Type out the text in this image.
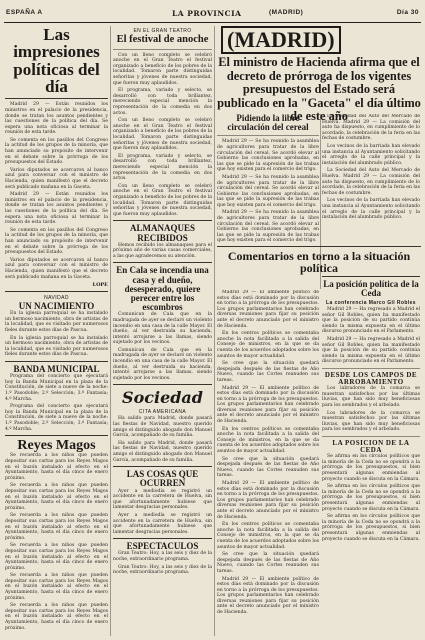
ESPAÑA A	LA PROVINCIA	(MADRID)	Día 30
Las impresiones políticas del día

Madrid 29 — Están reunidos los ministros en el palacio de la presidencia, donde se tratan los asuntos pendientes y las cuestiones de la política del día. Se espera una nota oficiosa al terminar la reunión de esta tarde.

Se comenta en los pasillos del Congreso la actitud de los grupos de la minoría, que han anunciado su propósito de intervenir en el debate sobre la prórroga de los presupuestos del Estado.

Varios diputados se acercaron al banco azul para conversar con el ministro de Hacienda, quien manifestó que el decreto será publicado mañana en la Gaceta.

Madrid 29 — Están reunidos los ministros en el palacio de la presidencia, donde se tratan los asuntos pendientes y las cuestiones de la política del día. Se espera una nota oficiosa al terminar la reunión de esta tarde.

Se comenta en los pasillos del Congreso la actitud de los grupos de la minoría, que han anunciado su propósito de intervenir en el debate sobre la prórroga de los presupuestos del Estado.

Varios diputados se acercaron al banco azul para conversar con el ministro de Hacienda, quien manifestó que el decreto será publicado mañana en la Gaceta.

LOPE
NAVIDAD
UN NACIMIENTO

En la iglesia parroquial se ha instalado un hermoso nacimiento, obra de artistas de la localidad, que es visitado por numerosos fieles durante estos días de Pascua.

En la iglesia parroquial se ha instalado un hermoso nacimiento, obra de artistas de la localidad, que es visitado por numerosos fieles durante estos días de Pascua.

BANDA MUNICIPAL

Programa del concierto que ejecutará hoy la Banda Municipal en la plaza de la Constitución, de siete a nueve de la noche: 1.º Pasodoble; 2.º Selección; 3.º Fantasía; 4.º Marcha.

Programa del concierto que ejecutará hoy la Banda Municipal en la plaza de la Constitución, de siete a nueve de la noche: 1.º Pasodoble; 2.º Selección; 3.º Fantasía; 4.º Marcha.

Reyes Magos

Se recuerda a los niños que pueden depositar sus cartas para los Reyes Magos en el buzón instalado al efecto en el Ayuntamiento, hasta el día cinco de enero próximo.

Se recuerda a los niños que pueden depositar sus cartas para los Reyes Magos en el buzón instalado al efecto en el Ayuntamiento, hasta el día cinco de enero próximo.

Se recuerda a los niños que pueden depositar sus cartas para los Reyes Magos en el buzón instalado al efecto en el Ayuntamiento, hasta el día cinco de enero próximo.

Se recuerda a los niños que pueden depositar sus cartas para los Reyes Magos en el buzón instalado al efecto en el Ayuntamiento, hasta el día cinco de enero próximo.

Se recuerda a los niños que pueden depositar sus cartas para los Reyes Magos en el buzón instalado al efecto en el Ayuntamiento, hasta el día cinco de enero próximo.

Se recuerda a los niños que pueden depositar sus cartas para los Reyes Magos en el buzón instalado al efecto en el Ayuntamiento, hasta el día cinco de enero próximo.

EN EL GRAN TEATRO
El festival de anoche

Con un lleno completo se celebró anoche en el Gran Teatro el festival organizado a beneficio de los pobres de la localidad. Tomaron parte distinguidas señoritas y jóvenes de nuestra sociedad, que fueron muy aplaudidos.

El programa, variado y selecto, se desarrolló con toda brillantez, mereciendo especial mención la representación de la comedia en dos actos.

Con un lleno completo se celebró anoche en el Gran Teatro el festival organizado a beneficio de los pobres de la localidad. Tomaron parte distinguidas señoritas y jóvenes de nuestra sociedad, que fueron muy aplaudidos.

El programa, variado y selecto, se desarrolló con toda brillantez, mereciendo especial mención la representación de la comedia en dos actos.

Con un lleno completo se celebró anoche en el Gran Teatro el festival organizado a beneficio de los pobres de la localidad. Tomaron parte distinguidas señoritas y jóvenes de nuestra sociedad, que fueron muy aplaudidos.

ALMANAQUES RECIBIDOS

Hemos recibido los almanaques para el próximo año de varias casas comerciales, a las que agradecemos su atención.

En Cala se incendia una casa y el dueño, desesperado, quiere perecer entre los escombros

Comunican de Cala que en la madrugada de ayer se declaró un violento incendio en una casa de la calle Mayor. El dueño, al ver destruida su hacienda, intentó arrojarse a las llamas, siendo sujetado por los vecinos.

Comunican de Cala que en la madrugada de ayer se declaró un violento incendio en una casa de la calle Mayor. El dueño, al ver destruida su hacienda, intentó arrojarse a las llamas, siendo sujetado por los vecinos.

Sociedad
CITA AMERICANA

Ha salido para Madrid, donde pasará las fiestas de Navidad, nuestro querido amigo el distinguido abogado don Manuel García, acompañado de su familia.

Ha salido para Madrid, donde pasará las fiestas de Navidad, nuestro querido amigo el distinguido abogado don Manuel García, acompañado de su familia.

LAS COSAS QUE OCURREN

Ayer a mediodía se registró un accidente en la carretera de Huelva, sin que afortunadamente hubiese que lamentar desgracias personales.

Ayer a mediodía se registró un accidente en la carretera de Huelva, sin que afortunadamente hubiese que lamentar desgracias personales.

ESPECTACULOS

Gran Teatro: Hoy, a las seis y diez de la noche, extraordinario programa.

Gran Teatro: Hoy, a las seis y diez de la noche, extraordinario programa.

(MADRID)
El ministro de Hacienda afirma que el decreto de prórroga de los vigentes presupuestos del Estado será publicado en la "Gaceta" el día último de este año
Pidiendo la libre circulación del cereal

Madrid 29 — Se ha reunido la asamblea de agricultores para tratar de la libre circulación del cereal. Se acordó elevar al Gobierno las conclusiones aprobadas, en las que se pide la supresión de las trabas que hoy existen para el comercio del trigo.

Madrid 29 — Se ha reunido la asamblea de agricultores para tratar de la libre circulación del cereal. Se acordó elevar al Gobierno las conclusiones aprobadas, en las que se pide la supresión de las trabas que hoy existen para el comercio del trigo.

Madrid 29 — Se ha reunido la asamblea de agricultores para tratar de la libre circulación del cereal. Se acordó elevar al Gobierno las conclusiones aprobadas, en las que se pide la supresión de las trabas que hoy existen para el comercio del trigo.

Comentarios en torno a la situación política

Madrid 29 — El ambiente político de estos días está dominado por la discusión en torno a la prórroga de los presupuestos. Los grupos parlamentarios han celebrado diversas reuniones para fijar su posición ante el decreto anunciado por el ministro de Hacienda.

En los centros políticos se comentaba anoche la nota facilitada a la salida del Consejo de ministros, en la que se da cuenta de los acuerdos adoptados sobre los asuntos de mayor actualidad.

Se cree que la situación quedará despejada después de las fiestas de Año Nuevo, cuando las Cortes reanuden sus tareas.

Madrid 29 — El ambiente político de estos días está dominado por la discusión en torno a la prórroga de los presupuestos. Los grupos parlamentarios han celebrado diversas reuniones para fijar su posición ante el decreto anunciado por el ministro de Hacienda.

En los centros políticos se comentaba anoche la nota facilitada a la salida del Consejo de ministros, en la que se da cuenta de los acuerdos adoptados sobre los asuntos de mayor actualidad.

Se cree que la situación quedará despejada después de las fiestas de Año Nuevo, cuando las Cortes reanuden sus tareas.

Madrid 29 — El ambiente político de estos días está dominado por la discusión en torno a la prórroga de los presupuestos. Los grupos parlamentarios han celebrado diversas reuniones para fijar su posición ante el decreto anunciado por el ministro de Hacienda.

En los centros políticos se comentaba anoche la nota facilitada a la salida del Consejo de ministros, en la que se da cuenta de los acuerdos adoptados sobre los asuntos de mayor actualidad.

Se cree que la situación quedará despejada después de las fiestas de Año Nuevo, cuando las Cortes reanuden sus tareas.

Madrid 29 — El ambiente político de estos días está dominado por la discusión en torno a la prórroga de los presupuestos. Los grupos parlamentarios han celebrado diversas reuniones para fijar su posición ante el decreto anunciado por el ministro de Hacienda.

La Sociedad del Auto del Mercado de Huelva. Madrid 29 — La comisión del auto ha dispuesto, en cumplimiento de lo acordado, la celebración de la feria en las fechas de costumbre.

Los vecinos de la barriada han elevado una instancia al Ayuntamiento solicitando el arreglo de la calle principal y la instalación del alumbrado público.

La Sociedad del Auto del Mercado de Huelva. Madrid 29 — La comisión del auto ha dispuesto, en cumplimiento de lo acordado, la celebración de la feria en las fechas de costumbre.

Los vecinos de la barriada han elevado una instancia al Ayuntamiento solicitando el arreglo de la calle principal y la instalación del alumbrado público.

La posición política de la Ceda
La conferencia Marco Gil Robles

Madrid 29 — Ha regresado a Madrid el señor Gil Robles, quien ha manifestado que la posición de su partido continúa siendo la misma expuesta en el último discurso pronunciado en el Parlamento.

Madrid 29 — Ha regresado a Madrid el señor Gil Robles, quien ha manifestado que la posición de su partido continúa siendo la misma expuesta en el último discurso pronunciado en el Parlamento.

DESDE LOS CAMPOS DE ARROBAMIENTO

Los labradores de la comarca se muestran satisfechos por las últimas lluvias, que han sido muy beneficiosas para los sembrados y el arbolado.

Los labradores de la comarca se muestran satisfechos por las últimas lluvias, que han sido muy beneficiosas para los sembrados y el arbolado.

LA POSICION DE LA CEDA

Se afirma en los círculos políticos que la minoría de la Ceda no se opondrá a la prórroga de los presupuestos, si bien presentará algunas enmiendas al proyecto cuando se discuta en la Cámara.

Se afirma en los círculos políticos que la minoría de la Ceda no se opondrá a la prórroga de los presupuestos, si bien presentará algunas enmiendas al proyecto cuando se discuta en la Cámara.

Se afirma en los círculos políticos que la minoría de la Ceda no se opondrá a la prórroga de los presupuestos, si bien presentará algunas enmiendas al proyecto cuando se discuta en la Cámara.
